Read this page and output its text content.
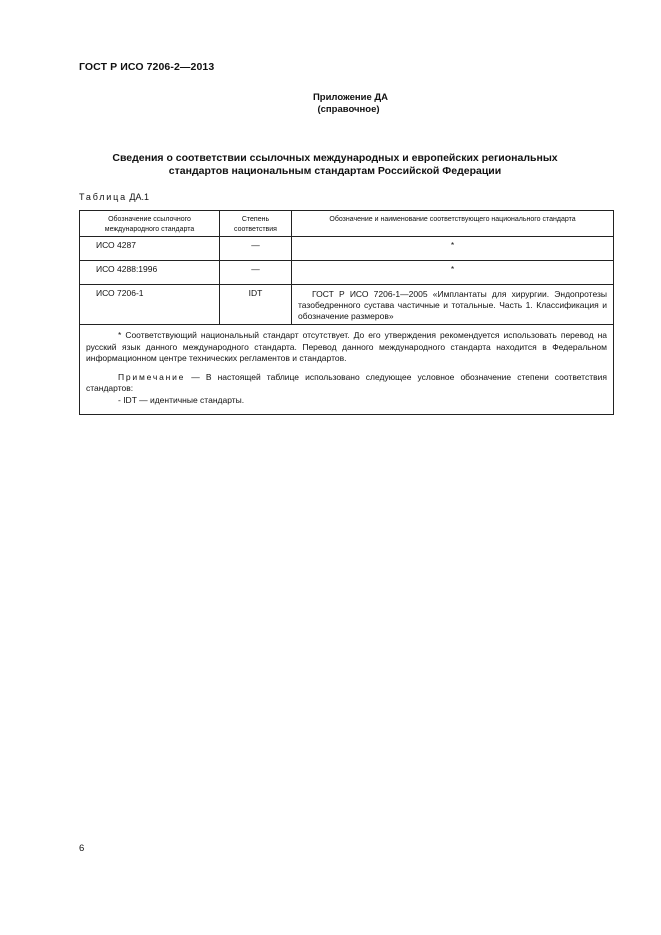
ГОСТ Р ИСО 7206-2—2013
Приложение ДА
(справочное)
Сведения о соответствии ссылочных международных и европейских региональных
стандартов национальным стандартам Российской Федерации
Таблица ДА.1
Обозначение ссылочного международного стандарта	Степень соответствия	Обозначение и наименование соответствующего национального стандарта
ИСО 4287	—	*
ИСО 4288:1996	—	*
ИСО 7206-1	IDT	ГОСТ Р ИСО 7206-1—2005 «Имплантаты для хирургии. Эндопротезы тазобедренного сустава частичные и тотальные. Часть 1. Классификация и обозначение размеров»

* Соответствующий национальный стандарт отсутствует. До его утверждения рекомендуется использовать перевод на русский язык данного международного стандарта. Перевод данного международного стандарта находится в Федеральном информационном центре технических регламентов и стандартов.

Примечание — В настоящей таблице использовано следующее условное обозначение степени соответствия стандартов:

- IDT — идентичные стандарты.		

6
